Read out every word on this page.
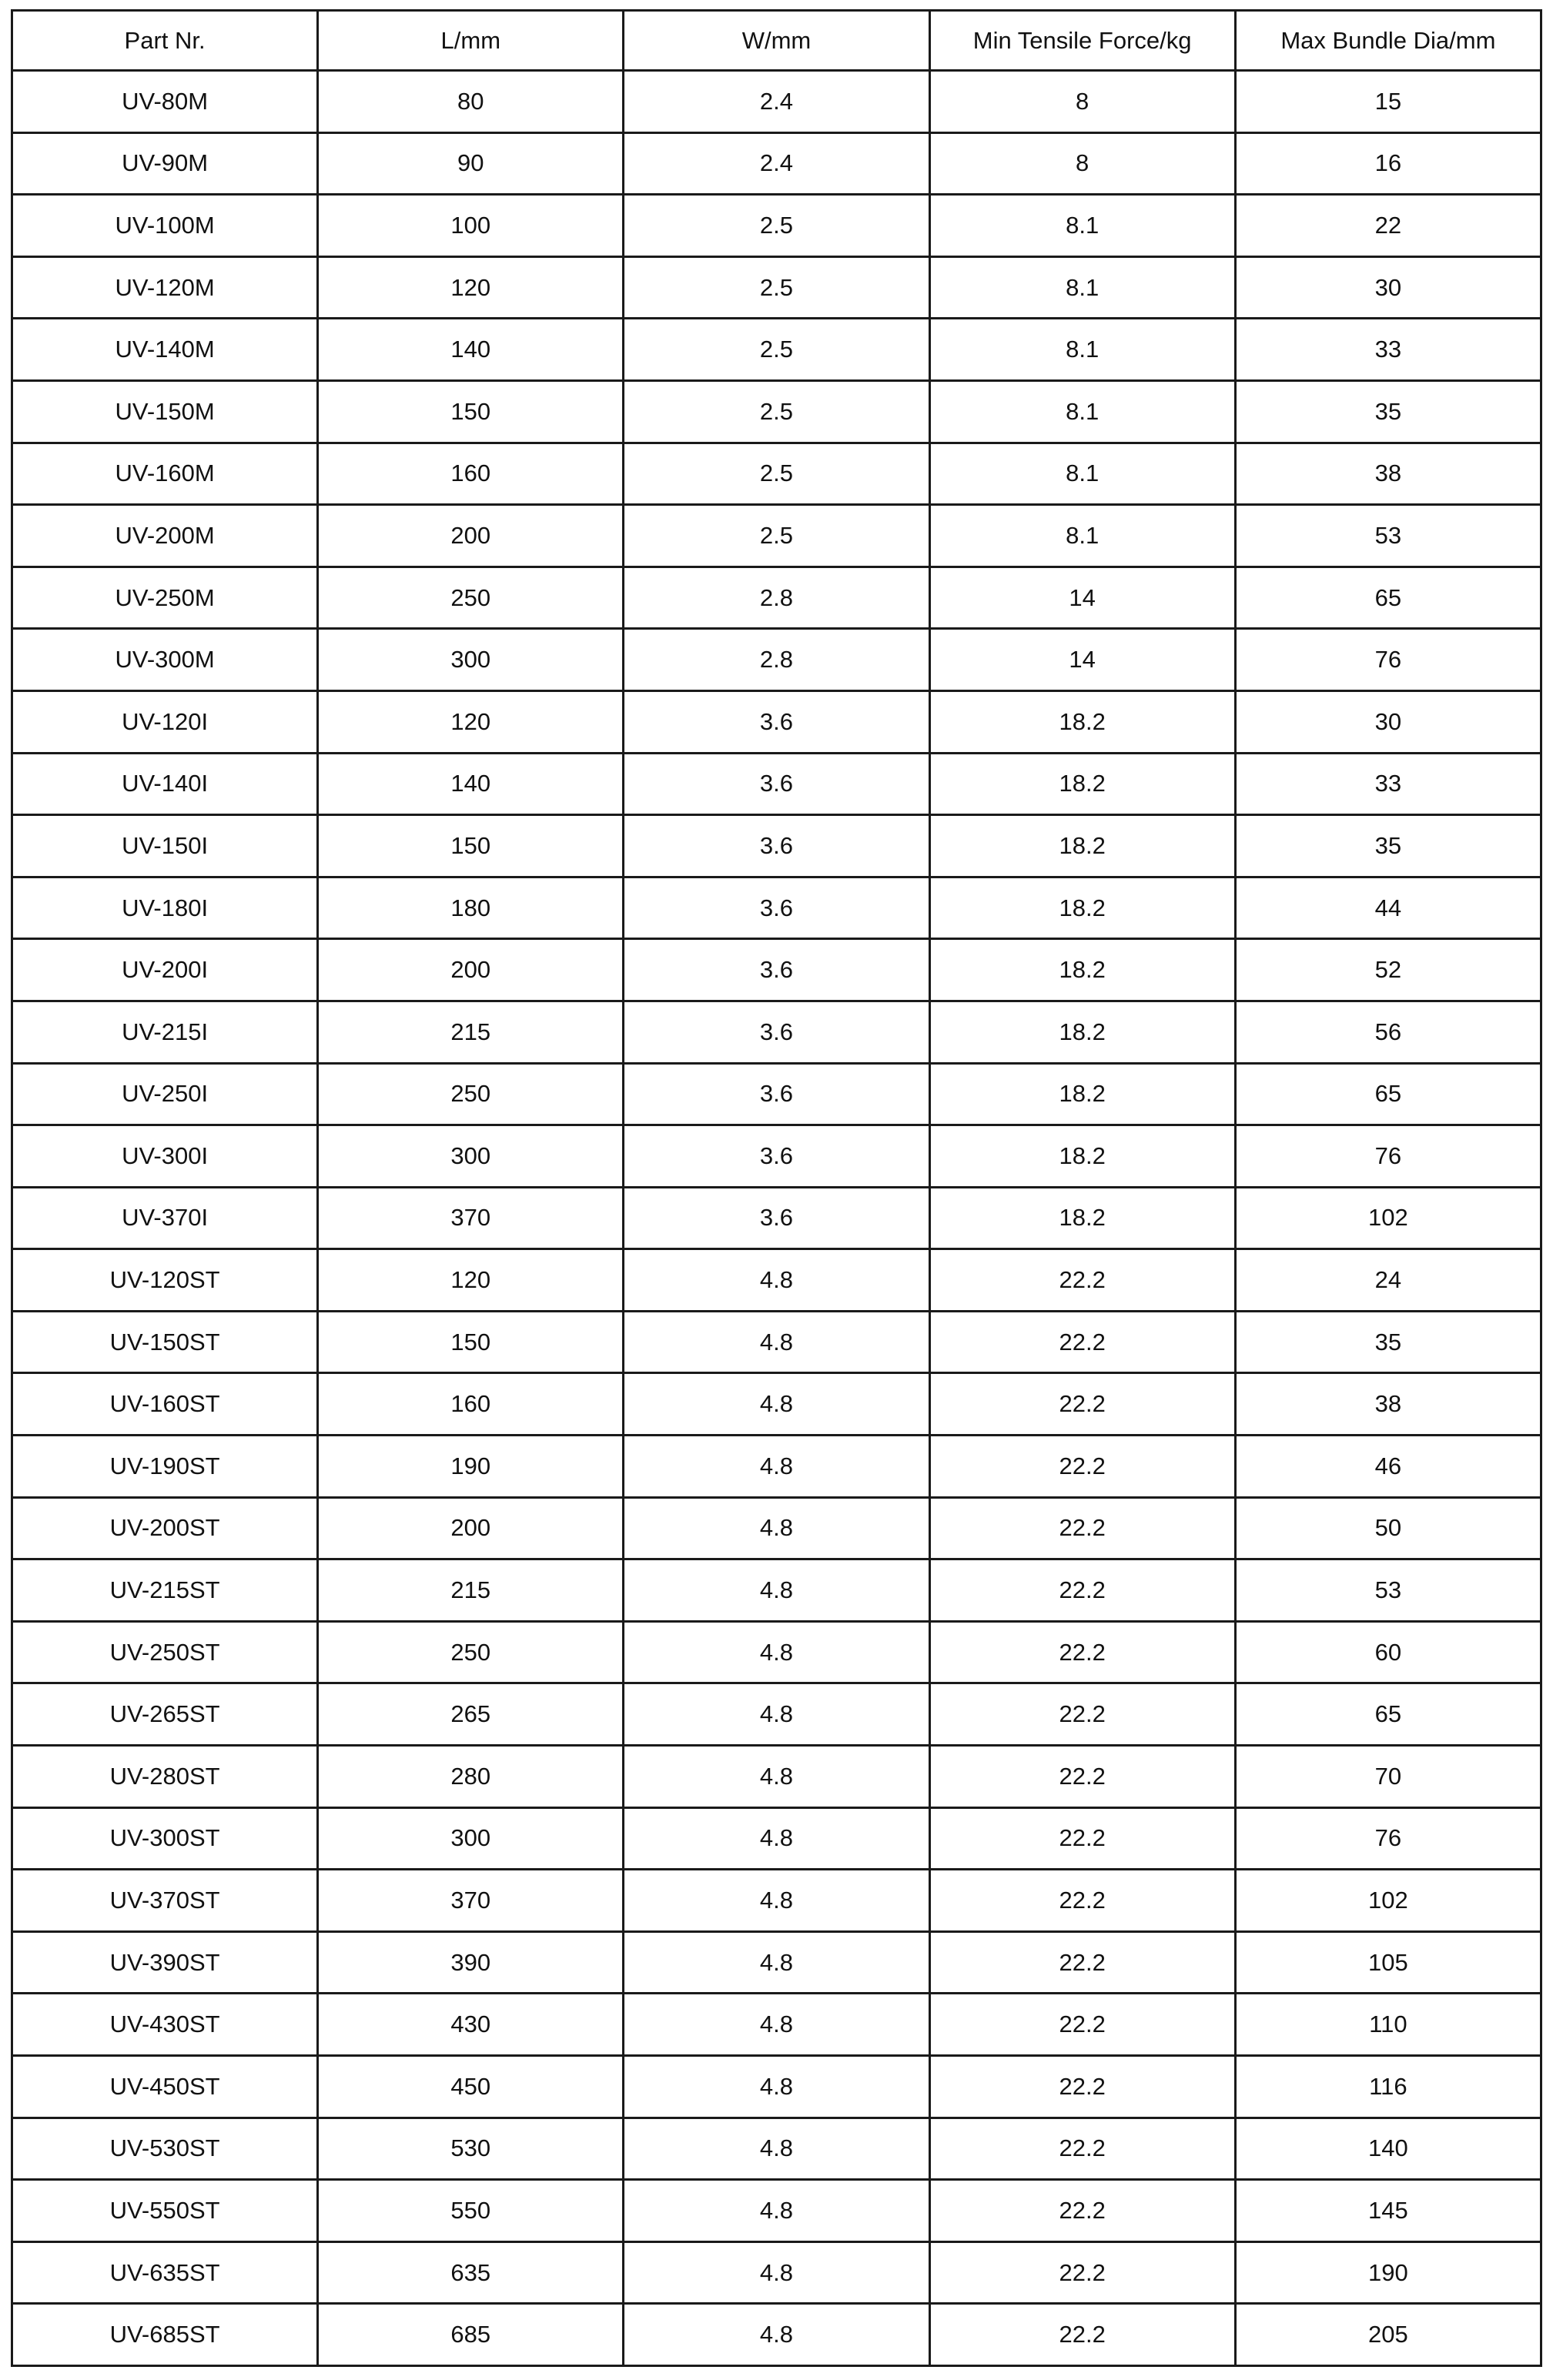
Part Nr.	L/mm	W/mm	Min Tensile Force/kg	Max Bundle Dia/mm
UV-80M	80	2.4	8	15
UV-90M	90	2.4	8	16
UV-100M	100	2.5	8.1	22
UV-120M	120	2.5	8.1	30
UV-140M	140	2.5	8.1	33
UV-150M	150	2.5	8.1	35
UV-160M	160	2.5	8.1	38
UV-200M	200	2.5	8.1	53
UV-250M	250	2.8	14	65
UV-300M	300	2.8	14	76
UV-120I	120	3.6	18.2	30
UV-140I	140	3.6	18.2	33
UV-150I	150	3.6	18.2	35
UV-180I	180	3.6	18.2	44
UV-200I	200	3.6	18.2	52
UV-215I	215	3.6	18.2	56
UV-250I	250	3.6	18.2	65
UV-300I	300	3.6	18.2	76
UV-370I	370	3.6	18.2	102
UV-120ST	120	4.8	22.2	24
UV-150ST	150	4.8	22.2	35
UV-160ST	160	4.8	22.2	38
UV-190ST	190	4.8	22.2	46
UV-200ST	200	4.8	22.2	50
UV-215ST	215	4.8	22.2	53
UV-250ST	250	4.8	22.2	60
UV-265ST	265	4.8	22.2	65
UV-280ST	280	4.8	22.2	70
UV-300ST	300	4.8	22.2	76
UV-370ST	370	4.8	22.2	102
UV-390ST	390	4.8	22.2	105
UV-430ST	430	4.8	22.2	110
UV-450ST	450	4.8	22.2	116
UV-530ST	530	4.8	22.2	140
UV-550ST	550	4.8	22.2	145
UV-635ST	635	4.8	22.2	190
UV-685ST	685	4.8	22.2	205
